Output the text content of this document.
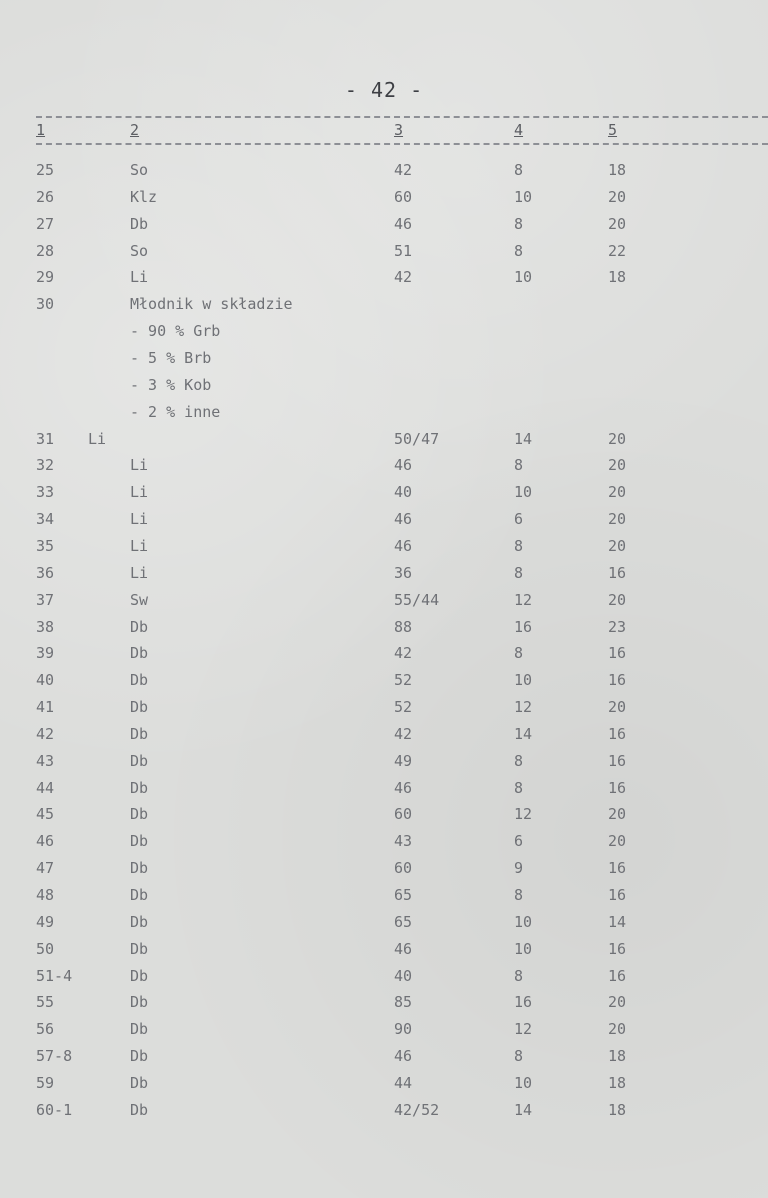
- 42 -
1	2	3	4	5
25	So	42	8	18
26	Klz	60	10	20
27	Db	46	8	20
28	So	51	8	22
29	Li	42	10	18
30	Młodnik w składzie
- 90 % Grb
- 5 % Brb
- 3 % Kob
- 2 % inne
31 Li	50/47	14	20
32	Li	46	8	20
33	Li	40	10	20
34	Li	46	6	20
35	Li	46	8	20
36	Li	36	8	16
37	Sw	55/44	12	20
38	Db	88	16	23
39	Db	42	8	16
40	Db	52	10	16
41	Db	52	12	20
42	Db	42	14	16
43	Db	49	8	16
44	Db	46	8	16
45	Db	60	12	20
46	Db	43	6	20
47	Db	60	9	16
48	Db	65	8	16
49	Db	65	10	14
50	Db	46	10	16
51-4	Db	40	8	16
55	Db	85	16	20
56	Db	90	12	20
57-8	Db	46	8	18
59	Db	44	10	18
60-1	Db	42/52	14	18
